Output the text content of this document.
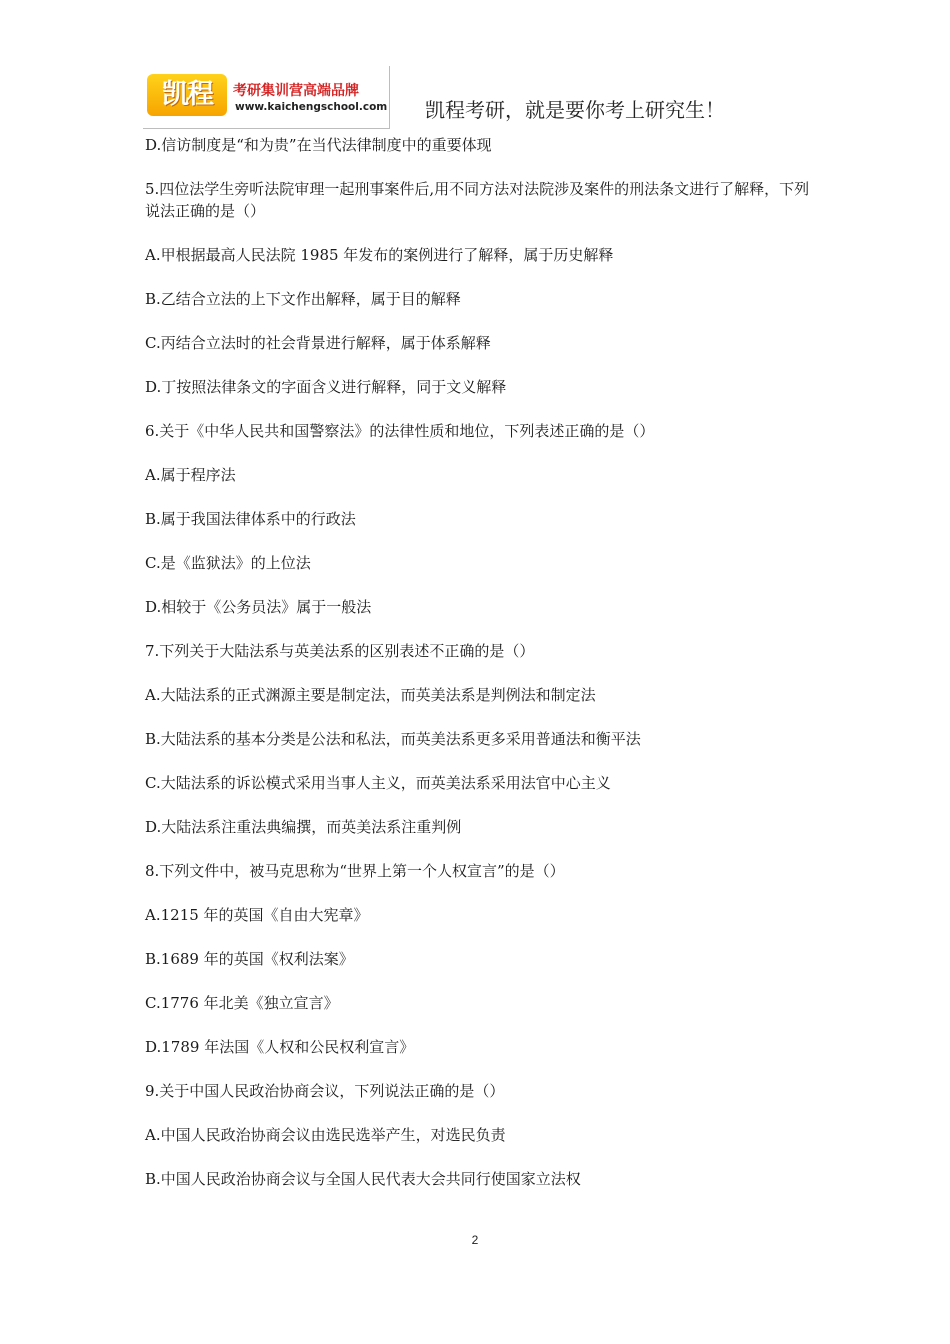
凯程	考研集训营高端品牌
www.kaichengschool.com 凯程考研，就是要你考上研究生！

D.信访制度是“和为贵”在当代法律制度中的重要体现

5.四位法学生旁听法院审理一起刑事案件后,用不同方法对法院涉及案件的刑法条文进行了解释，下列说法正确的是（）

A.甲根据最高人民法院 1985 年发布的案例进行了解释，属于历史解释

B.乙结合立法的上下文作出解释，属于目的解释

C.丙结合立法时的社会背景进行解释，属于体系解释

D.丁按照法律条文的字面含义进行解释，同于文义解释

6.关于《中华人民共和国警察法》的法律性质和地位，下列表述正确的是（）

A.属于程序法

B.属于我国法律体系中的行政法

C.是《监狱法》的上位法

D.相较于《公务员法》属于一般法

7.下列关于大陆法系与英美法系的区别表述不正确的是（）

A.大陆法系的正式渊源主要是制定法，而英美法系是判例法和制定法

B.大陆法系的基本分类是公法和私法，而英美法系更多采用普通法和衡平法

C.大陆法系的诉讼模式采用当事人主义，而英美法系采用法官中心主义

D.大陆法系注重法典编撰，而英美法系注重判例

8.下列文件中，被马克思称为“世界上第一个人权宣言”的是（）

A.1215 年的英国《自由大宪章》

B.1689 年的英国《权利法案》

C.1776 年北美《独立宣言》

D.1789 年法国《人权和公民权利宣言》

9.关于中国人民政治协商会议，下列说法正确的是（）

A.中国人民政治协商会议由选民选举产生，对选民负责

B.中国人民政治协商会议与全国人民代表大会共同行使国家立法权

2
